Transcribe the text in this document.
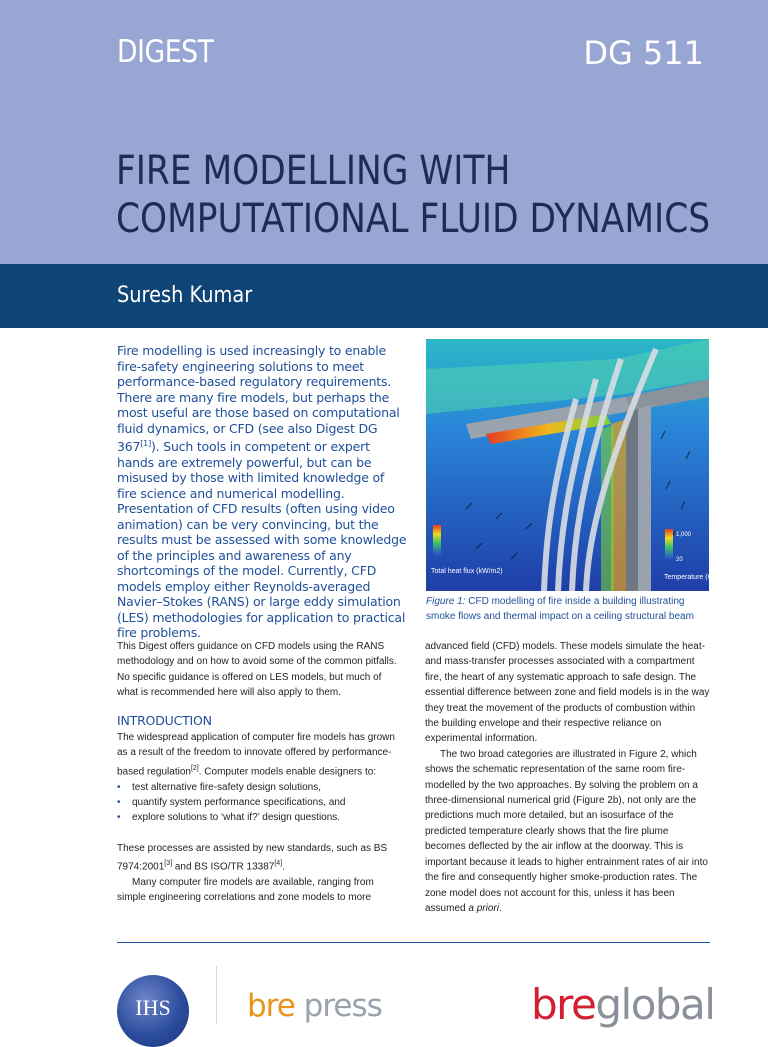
DIGEST	DG 511
FIRE MODELLING WITH
COMPUTATIONAL FLUID DYNAMICS
Suresh Kumar
Fire modelling is used increasingly to enable fire-safety engineering solutions to meet performance-based regulatory requirements. There are many fire models, but perhaps the most useful are those based on computational fluid dynamics, or CFD (see also Digest DG 367[1]). Such tools in competent or expert hands are extremely powerful, but can be misused by those with limited knowledge of fire science and numerical modelling. Presentation of CFD results (often using video animation) can be very convincing, but the results must be assessed with some knowledge of the principles and awareness of any shortcomings of the model. Currently, CFD models employ either Reynolds-averaged Navier–Stokes (RANS) or large eddy simulation (LES) methodologies for application to practical fire problems.
Total heat flux (kW/m2)
Temperature (C)
1,000
20
Figure 1: CFD modelling of fire inside a building illustrating smoke flows and thermal impact on a ceiling structural beam

This Digest offers guidance on CFD models using the RANS methodology and on how to avoid some of the common pitfalls. No specific guidance is offered on LES models, but much of what is recommended here will also apply to them.

INTRODUCTION

The widespread application of computer fire models has grown as a result of the freedom to innovate offered by performance-based regulation[2]. Computer models enable designers to:

• test alternative fire-safety design solutions,
• quantify system performance specifications, and
• explore solutions to ‘what if?’ design questions.

These processes are assisted by new standards, such as BS 7974:2001[3] and BS ISO/TR 13387[4].

Many computer fire models are available, ranging from simple engineering correlations and zone models to more

advanced field (CFD) models. These models simulate the heat- and mass-transfer processes associated with a compartment fire, the heart of any systematic approach to safe design. The essential difference between zone and field models is in the way they treat the movement of the products of combustion within the building envelope and their respective reliance on experimental information.

The two broad categories are illustrated in Figure 2, which shows the schematic representation of the same room fire-modelled by the two approaches. By solving the problem on a three-dimensional numerical grid (Figure 2b), not only are the predictions much more detailed, but an isosurface of the predicted temperature clearly shows that the fire plume becomes deflected by the air inflow at the doorway. This is important because it leads to higher entrainment rates of air into the fire and consequently higher smoke-production rates. The zone model does not account for this, unless it has been assumed a priori.

IHS	bre press	breglobal
